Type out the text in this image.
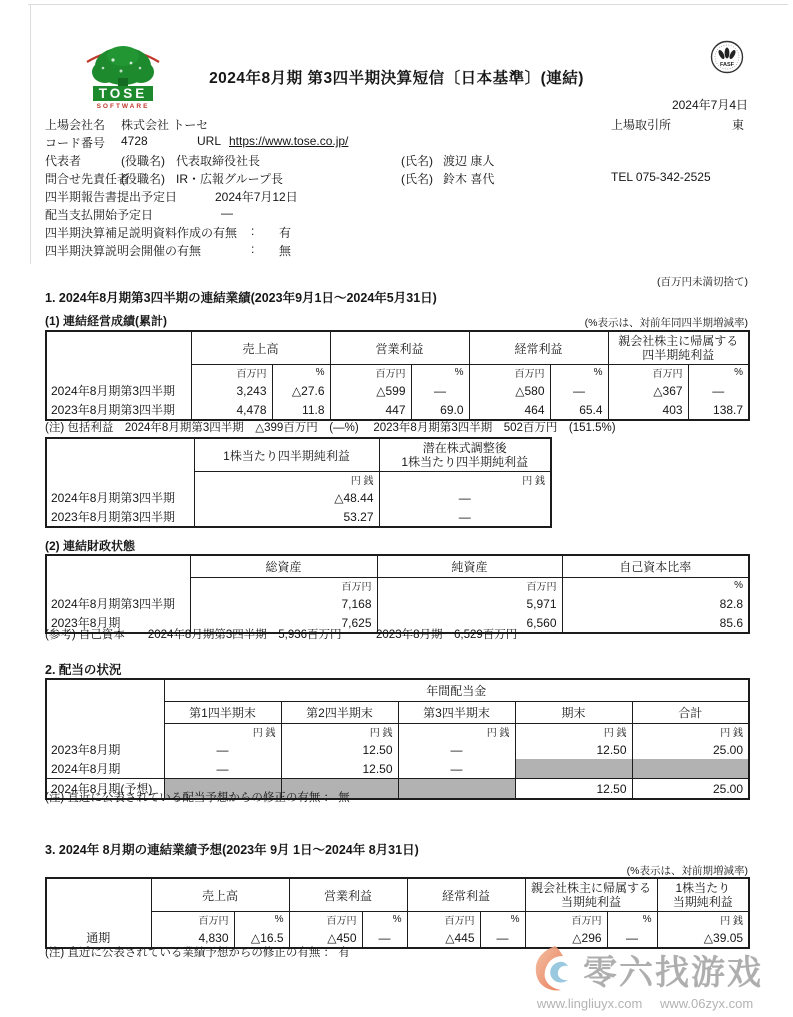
TOSE
SOFTWARE
2024年8月期 第3四半期決算短信〔日本基準〕(連結)
FASF
2024年7月4日
上場会社名 株式会社 トーセ	上場取引所	東
コード番号 4728	URL https://www.tose.co.jp/
代表者	(役職名) 代表取締役社長	(氏名) 渡辺 康人
問合せ先責任者
(役職名) IR・広報グループ長	(氏名) 鈴木 喜代	TEL 075-342-2525
四半期報告書提出予定日	2024年7月12日
配当支払開始予定日	—
四半期決算補足説明資料作成の有無 : 有
四半期決算説明会開催の有無	: 無
(百万円未満切捨て)
1. 2024年8月期第3四半期の連結業績(2023年9月1日～2024年5月31日)
(1) 連結経営成績(累計)	(%表示は、対前年同四半期増減率)
	売上高		営業利益		経常利益		親会社株主に帰属する
四半期純利益	

	百万円	%	百万円	%	百万円	%	百万円	%
2024年8月期第3四半期	3,243	△27.6	△599	—	△580	—	△367	—
2023年8月期第3四半期	4,478	11.8	447	69.0	464	65.4	403	138.7
(注) 包括利益　2024年8月期第3四半期　△399百万円　(—%)　 2023年8月期第3四半期　502百万円　(151.5%)
	1株当たり四半期純利益	潜在株式調整後
1株当たり四半期純利益

	円 銭	円 銭
2024年8月期第3四半期	△48.44	—
2023年8月期第3四半期	53.27	—
(2) 連結財政状態
	総資産	純資産	自己資本比率
	百万円	百万円	%
2024年8月期第3四半期	7,168	5,971	82.8
2023年8月期	7,625	6,560	85.6
(参考) 自己資本　　2024年8月期第3四半期　5,936百万円　　　2023年8月期　6,529百万円
2. 配当の状況
	年間配当金				
	第1四半期末	第2四半期末	第3四半期末	期末	合計
	円 銭	円 銭	円 銭	円 銭	円 銭
2023年8月期	—	12.50	—	12.50	25.00
2024年8月期	—	12.50	—		
2024年8月期(予想)				12.50	25.00
(注) 直近に公表されている配当予想からの修正の有無 ： 無
3. 2024年 8月期の連結業績予想(2023年 9月 1日～2024年 8月31日)
(%表示は、対前期増減率)
	売上高		営業利益		経常利益		親会社株主に帰属する
当期純利益		1株当たり
当期純利益

	百万円	%	百万円	%	百万円	%	百万円	%	円 銭
通期	4,830	△16.5	△450	—	△445	—	△296	—	△39.05
(注) 直近に公表されている業績予想からの修正の有無 ： 有
零六找游戏
www.lingliuyx.com www.06zyx.com
